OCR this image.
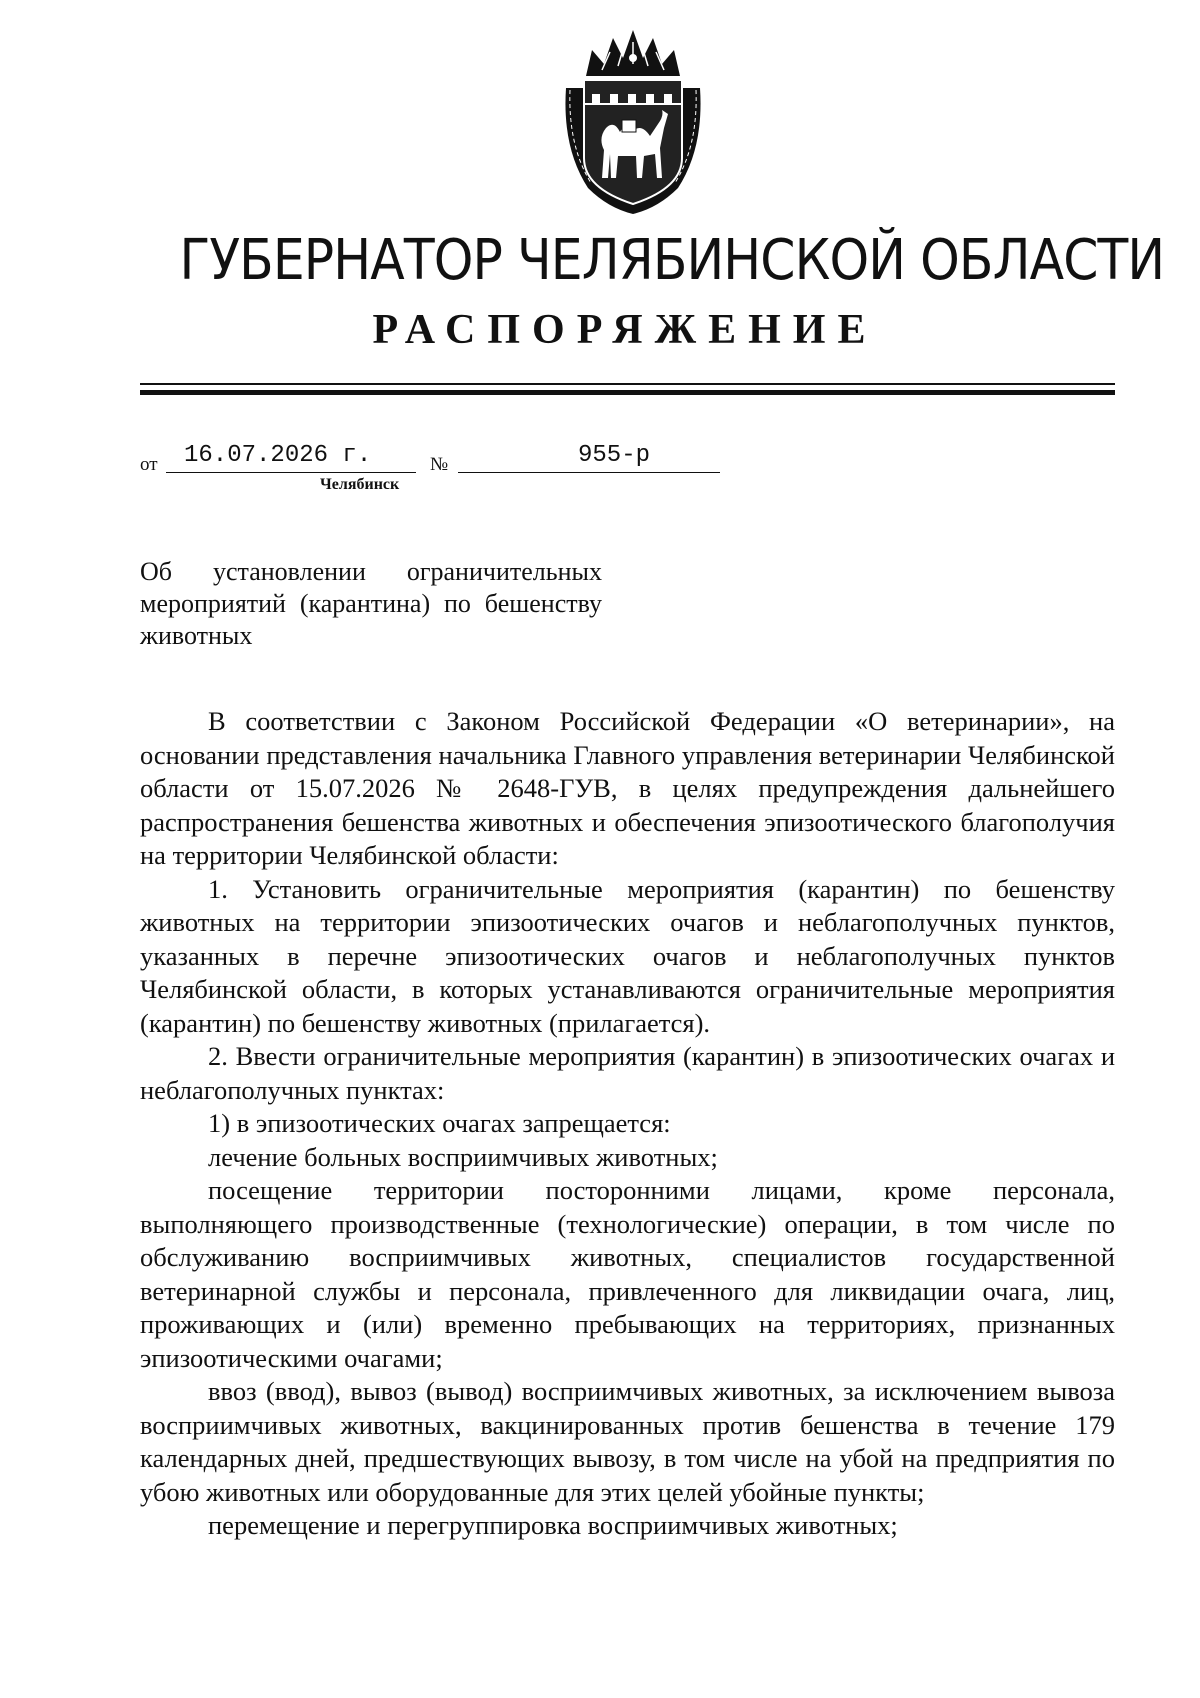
ГУБЕРНАТОР ЧЕЛЯБИНСКОЙ ОБЛАСТИ
РАСПОРЯЖЕНИЕ
от	16.07.2026 г.	№	955-р
Челябинск
Об установлении ограничительных мероприятий (карантина) по бешенству животных

В соответствии с Законом Российской Федерации «О ветеринарии», на основании представления начальника Главного управления ветеринарии Челябинской области от 15.07.2026 № 2648-ГУВ, в целях предупреждения дальнейшего распространения бешенства животных и обеспечения эпизоотического благополучия на территории Челябинской области:

1. Установить ограничительные мероприятия (карантин) по бешенству животных на территории эпизоотических очагов и неблагополучных пунктов, указанных в перечне эпизоотических очагов и неблагополучных пунктов Челябинской области, в которых устанавливаются ограничительные мероприятия (карантин) по бешенству животных (прилагается).

2. Ввести ограничительные мероприятия (карантин) в эпизоотических очагах и неблагополучных пунктах:

1) в эпизоотических очагах запрещается:

лечение больных восприимчивых животных;

посещение территории посторонними лицами, кроме персонала, выполняющего производственные (технологические) операции, в том числе по обслуживанию восприимчивых животных, специалистов государственной ветеринарной службы и персонала, привлеченного для ликвидации очага, лиц, проживающих и (или) временно пребывающих на территориях, признанных эпизоотическими очагами;

ввоз (ввод), вывоз (вывод) восприимчивых животных, за исключением вывоза восприимчивых животных, вакцинированных против бешенства в течение 179 календарных дней, предшествующих вывозу, в том числе на убой на предприятия по убою животных или оборудованные для этих целей убойные пункты;

перемещение и перегруппировка восприимчивых животных;
